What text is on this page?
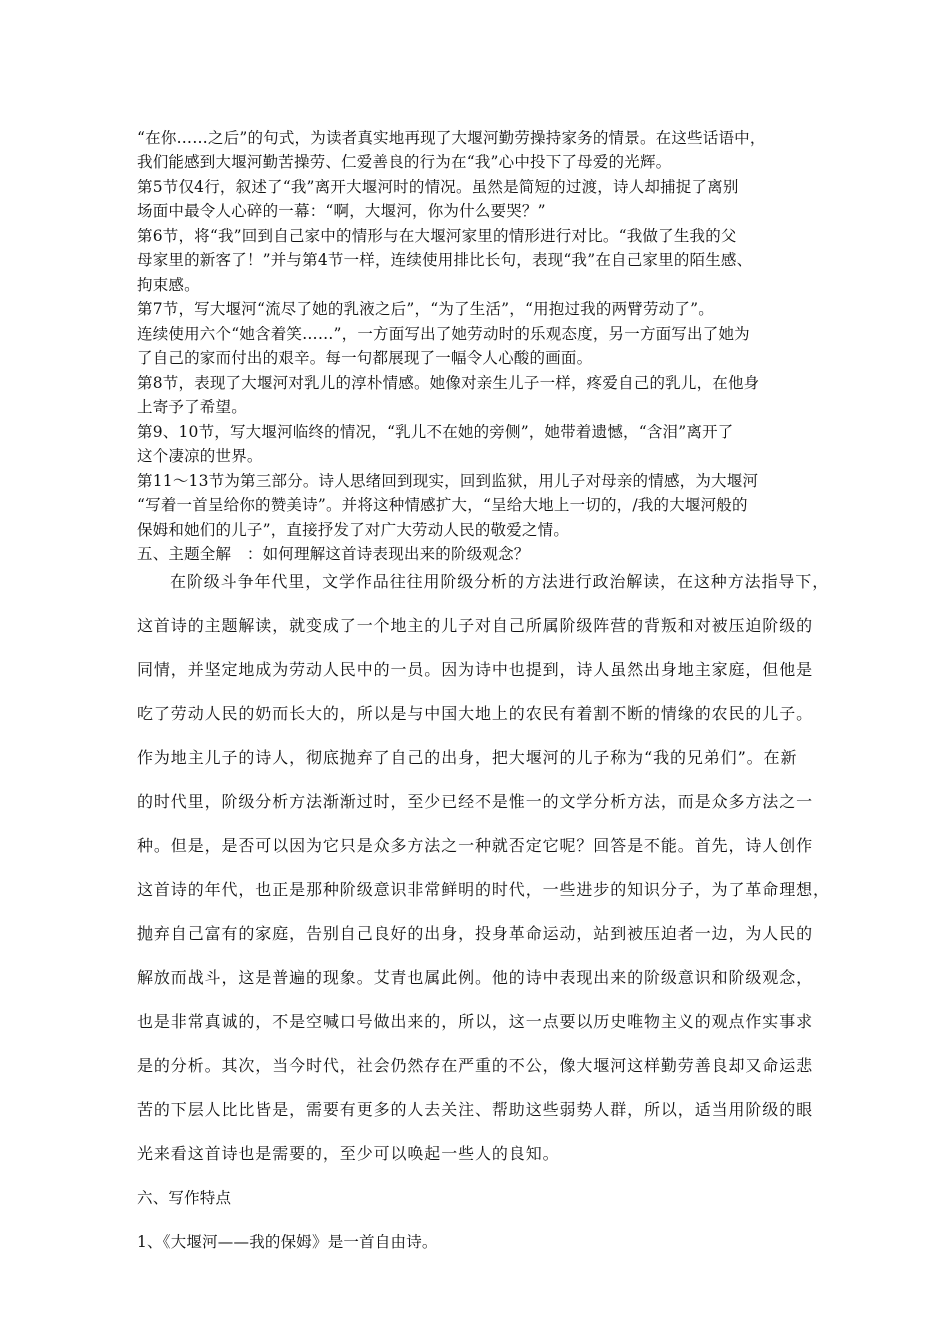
“在你……之后”的句式，为读者真实地再现了大堰河勤劳操持家务的情景。在这些话语中，
我们能感到大堰河勤苦操劳、仁爱善良的行为在“我”心中投下了母爱的光辉。
第5节仅4行，叙述了“我”离开大堰河时的情况。虽然是简短的过渡，诗人却捕捉了离别
场面中最令人心碎的一幕：“啊，大堰河，你为什么要哭？”
第6节，将“我”回到自己家中的情形与在大堰河家里的情形进行对比。“我做了生我的父
母家里的新客了！”并与第4节一样，连续使用排比长句，表现“我”在自己家里的陌生感、
拘束感。
第7节，写大堰河“流尽了她的乳液之后”，“为了生活”，“用抱过我的两臂劳动了”。
连续使用六个“她含着笑……”，一方面写出了她劳动时的乐观态度，另一方面写出了她为
了自己的家而付出的艰辛。每一句都展现了一幅令人心酸的画面。
第8节，表现了大堰河对乳儿的淳朴情感。她像对亲生儿子一样，疼爱自己的乳儿，在他身
上寄予了希望。
第9、10节，写大堰河临终的情况，“乳儿不在她的旁侧”，她带着遗憾，“含泪”离开了
这个凄凉的世界。
第11～13节为第三部分。诗人思绪回到现实，回到监狱，用儿子对母亲的情感，为大堰河
“写着一首呈给你的赞美诗”。并将这种情感扩大，“呈给大地上一切的，/我的大堰河般的
保姆和她们的儿子”，直接抒发了对广大劳动人民的敬爱之情。
五、主题全解　：如何理解这首诗表现出来的阶级观念？
在阶级斗争年代里，文学作品往往用阶级分析的方法进行政治解读，在这种方法指导下，
这首诗的主题解读，就变成了一个地主的儿子对自己所属阶级阵营的背叛和对被压迫阶级的
同情，并坚定地成为劳动人民中的一员。因为诗中也提到，诗人虽然出身地主家庭，但他是
吃了劳动人民的奶而长大的，所以是与中国大地上的农民有着割不断的情缘的农民的儿子。
作为地主儿子的诗人，彻底抛弃了自己的出身，把大堰河的儿子称为“我的兄弟们”。在新
的时代里，阶级分析方法渐渐过时，至少已经不是惟一的文学分析方法，而是众多方法之一
种。但是，是否可以因为它只是众多方法之一种就否定它呢？回答是不能。首先，诗人创作
这首诗的年代，也正是那种阶级意识非常鲜明的时代，一些进步的知识分子，为了革命理想，
抛弃自己富有的家庭，告别自己良好的出身，投身革命运动，站到被压迫者一边，为人民的
解放而战斗，这是普遍的现象。艾青也属此例。他的诗中表现出来的阶级意识和阶级观念，
也是非常真诚的，不是空喊口号做出来的，所以，这一点要以历史唯物主义的观点作实事求
是的分析。其次，当今时代，社会仍然存在严重的不公，像大堰河这样勤劳善良却又命运悲
苦的下层人比比皆是，需要有更多的人去关注、帮助这些弱势人群，所以，适当用阶级的眼
光来看这首诗也是需要的，至少可以唤起一些人的良知。
六、写作特点
1、《大堰河——我的保姆》是一首自由诗。
